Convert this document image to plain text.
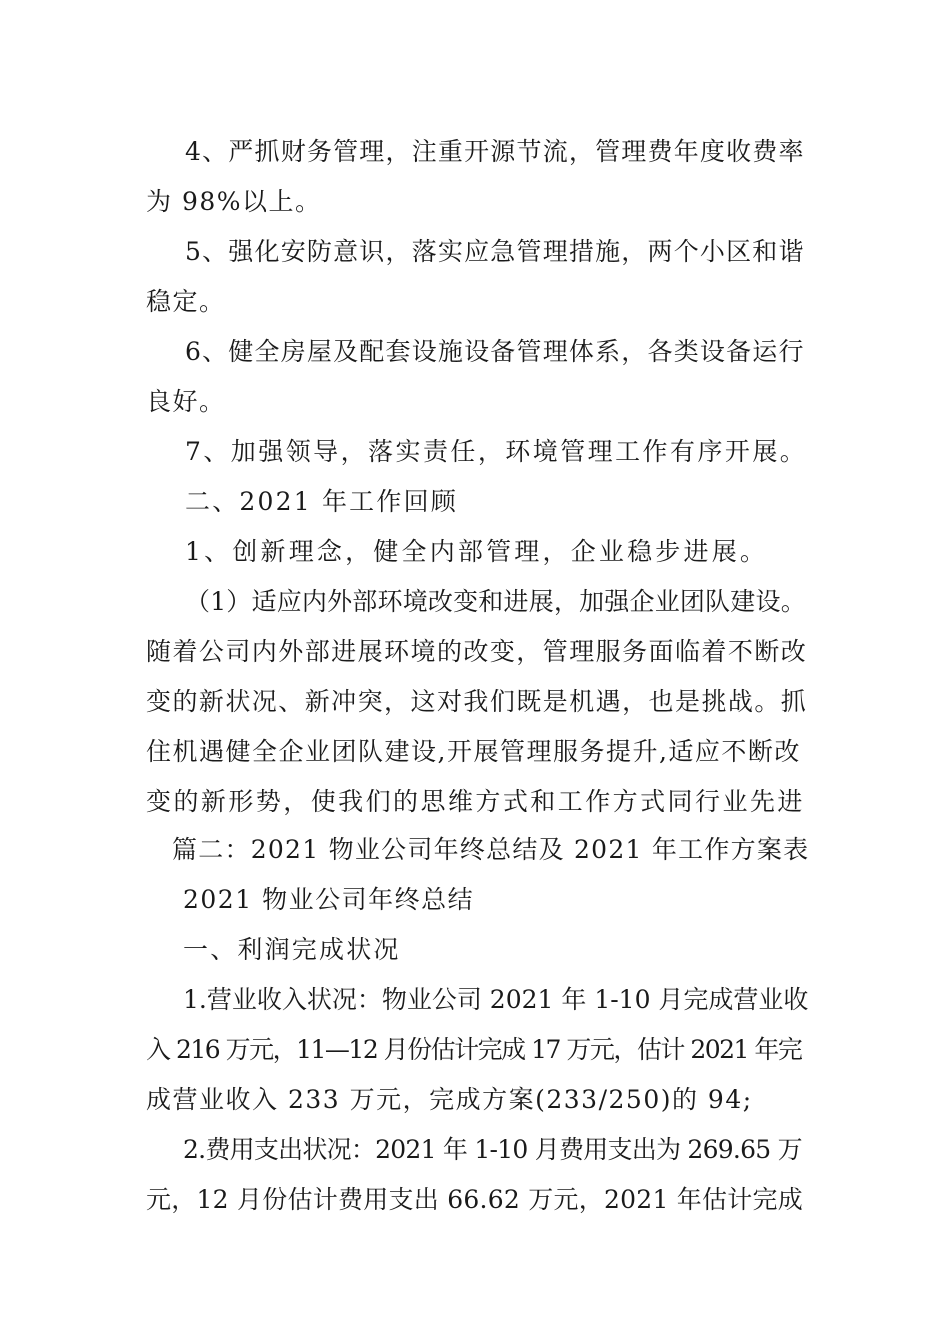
4、严抓财务管理，注重开源节流，管理费年度收费率
为 98%以上。
5、强化安防意识，落实应急管理措施，两个小区和谐
稳定。
6、健全房屋及配套设施设备管理体系，各类设备运行
良好。
7、加强领导，落实责任，环境管理工作有序开展。
二、2021 年工作回顾
1、创新理念，健全内部管理，企业稳步进展。
（1）适应内外部环境改变和进展，加强企业团队建设。
随着公司内外部进展环境的改变，管理服务面临着不断改
变的新状况、新冲突，这对我们既是机遇，也是挑战。抓
住机遇健全企业团队建设,开展管理服务提升,适应不断改
变的新形势，使我们的思维方式和工作方式同行业先进
篇二：2021 物业公司年终总结及 2021 年工作方案表
2021 物业公司年终总结
一、利润完成状况
1.营业收入状况：物业公司 2021 年 1-10 月完成营业收
入 216 万元，11—12 月份估计完成 17 万元，估计 2021 年完
成营业收入 233 万元，完成方案(233/250)的 94;
2.费用支出状况：2021 年 1-10 月费用支出为 269.65 万
元，12 月份估计费用支出 66.62 万元，2021 年估计完成
